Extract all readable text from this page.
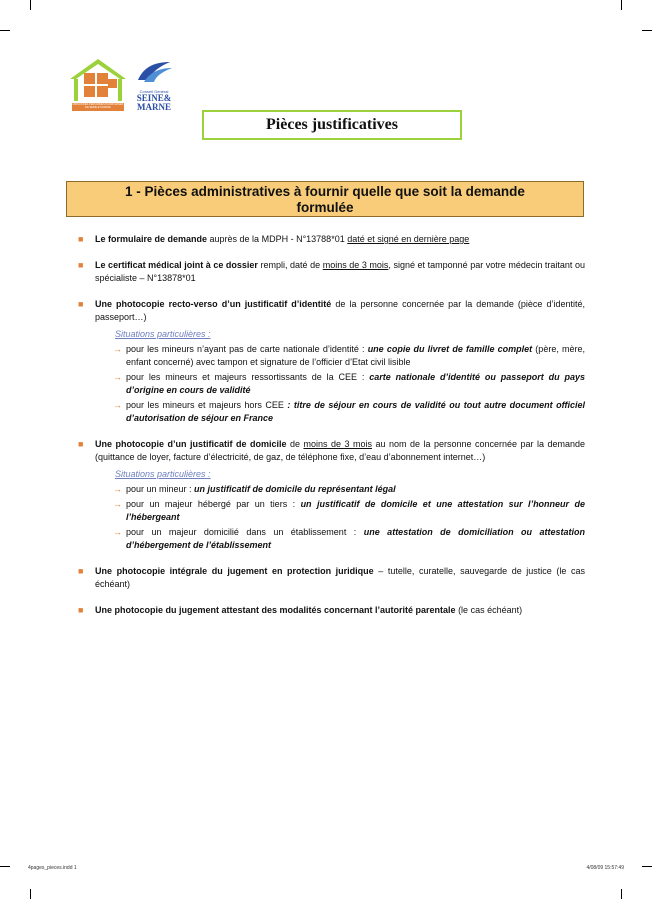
MAISON DES PERSONNES HANDICAPÉES DE SEINE-ET-MARNE
Conseil Général
SEINE&
MARNE
Pièces justificatives
1 - Pièces administratives à fournir quelle que soit la demande
formulée
■ Le formulaire de demande auprès de la MDPH - N°13788*01 daté et signé en dernière page
■ Le certificat médical joint à ce dossier rempli, daté de moins de 3 mois, signé et tamponné par votre médecin traitant ou spécialiste – N°13878*01
■ Une photocopie recto-verso d’un justificatif d’identité de la personne concernée par la demande (pièce d’identité, passeport…)
Situations particulières :
→ pour les mineurs n’ayant pas de carte nationale d’identité : une copie du livret de famille complet (père, mère, enfant concerné) avec tampon et signature de l’officier d’Etat civil lisible
→ pour les mineurs et majeurs ressortissants de la CEE : carte nationale d’identité ou passeport du pays d’origine en cours de validité
→ pour les mineurs et majeurs hors CEE : titre de séjour en cours de validité ou tout autre document officiel d’autorisation de séjour en France
■ Une photocopie d’un justificatif de domicile de moins de 3 mois au nom de la personne concernée par la demande (quittance de loyer, facture d’électricité, de gaz, de téléphone fixe, d’eau d’abonnement internet…)
Situations particulières :
→ pour un mineur : un justificatif de domicile du représentant légal
→ pour un majeur hébergé par un tiers : un justificatif de domicile et une attestation sur l’honneur de l’hébergeant
→ pour un majeur domicilié dans un établissement : une attestation de domiciliation ou attestation d’hébergement de l’établissement
■ Une photocopie intégrale du jugement en protection juridique – tutelle, curatelle, sauvegarde de justice (le cas échéant)
■ Une photocopie du jugement attestant des modalités concernant l’autorité parentale (le cas échéant)
4pages_pieces.indd 1	4/08/09 15:57:49
